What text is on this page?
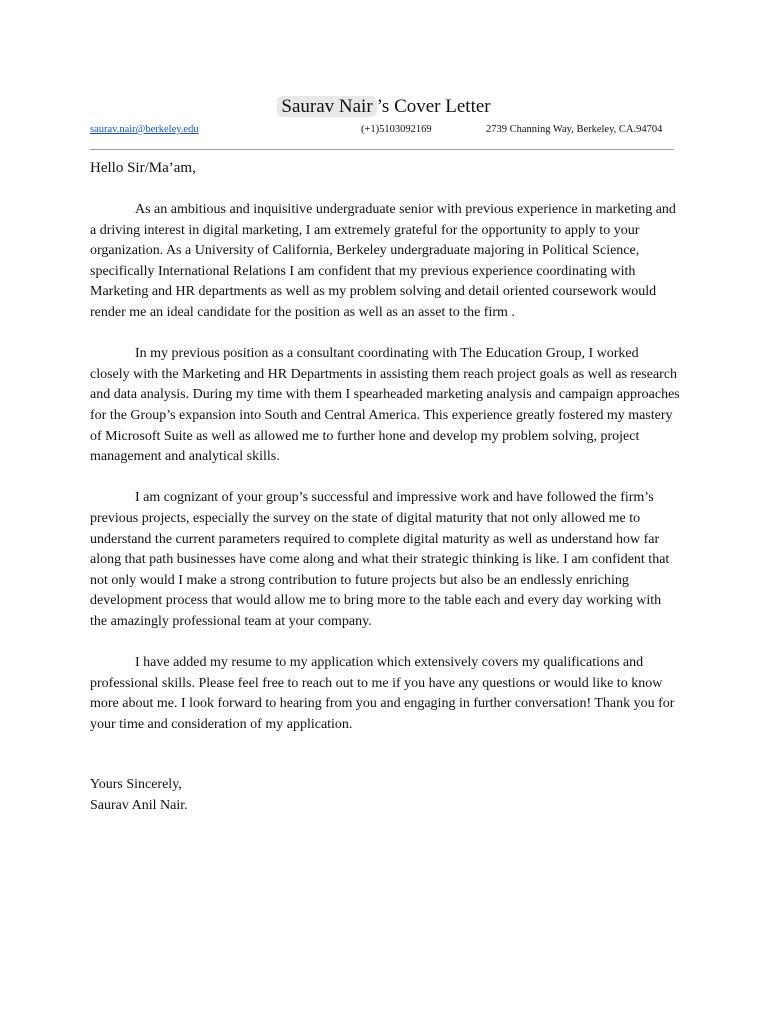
Saurav Nair ’s Cover Letter
saurav.nair@berkeley.edu	(+1)5103092169	2739 Channing Way, Berkeley, CA.94704
Hello Sir/Ma’am,

As an ambitious and inquisitive undergraduate senior with previous experience in marketing and a driving interest in digital marketing, I am extremely grateful for the opportunity to apply to your organization. As a University of California, Berkeley undergraduate majoring in Political Science, specifically International Relations I am confident that my previous experience coordinating with Marketing and HR departments as well as my problem solving and detail oriented coursework would render me an ideal candidate for the position as well as an asset to the firm .

In my previous position as a consultant coordinating with The Education Group, I worked closely with the Marketing and HR Departments in assisting them reach project goals as well as research and data analysis. During my time with them I spearheaded marketing analysis and campaign approaches for the Group’s expansion into South and Central America. This experience greatly fostered my mastery of Microsoft Suite as well as allowed me to further hone and develop my problem solving, project management and analytical skills.

I am cognizant of your group’s successful and impressive work and have followed the firm’s previous projects, especially the survey on the state of digital maturity that not only allowed me to understand the current parameters required to complete digital maturity as well as understand how far along that path businesses have come along and what their strategic thinking is like. I am confident that not only would I make a strong contribution to future projects but also be an endlessly enriching development process that would allow me to bring more to the table each and every day working with the amazingly professional team at your company.

I have added my resume to my application which extensively covers my qualifications and professional skills. Please feel free to reach out to me if you have any questions or would like to know more about me. I look forward to hearing from you and engaging in further conversation! Thank you for your time and consideration of my application.

Yours Sincerely,
Saurav Anil Nair.
